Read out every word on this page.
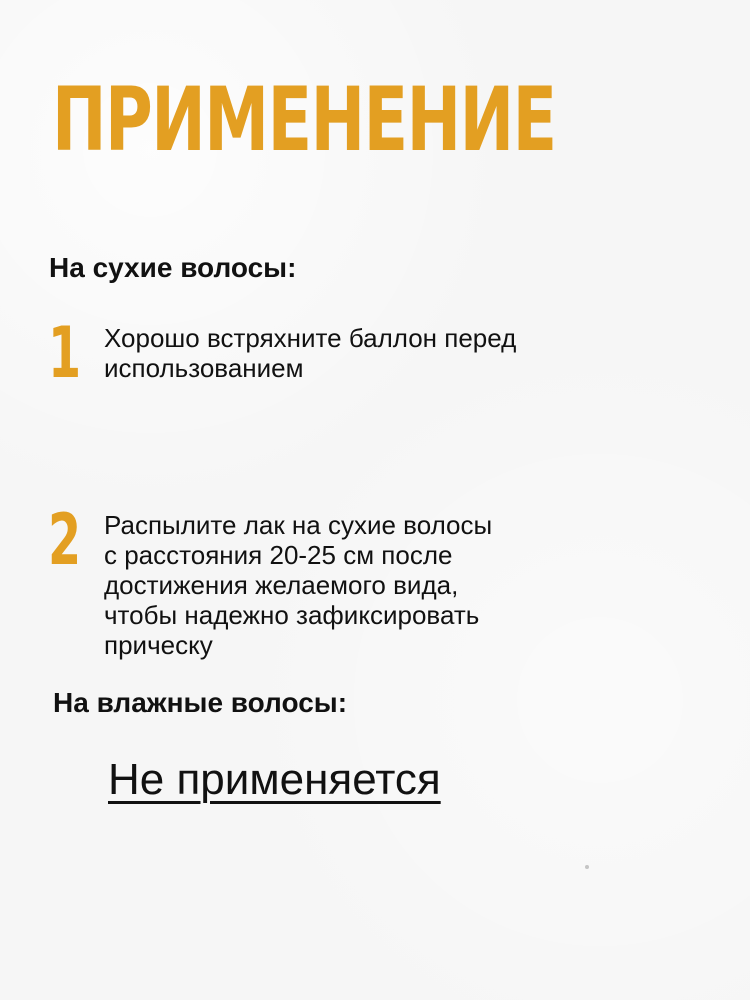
ПРИМЕНЕНИЕ
На сухие волосы:
1 Хорошо встряхните баллон перед
использованием

2 Распылите лак на сухие волосы
с расстояния 20-25 см после
достижения желаемого вида,
чтобы надежно зафиксировать
прическу

На влажные волосы:

Не применяется
